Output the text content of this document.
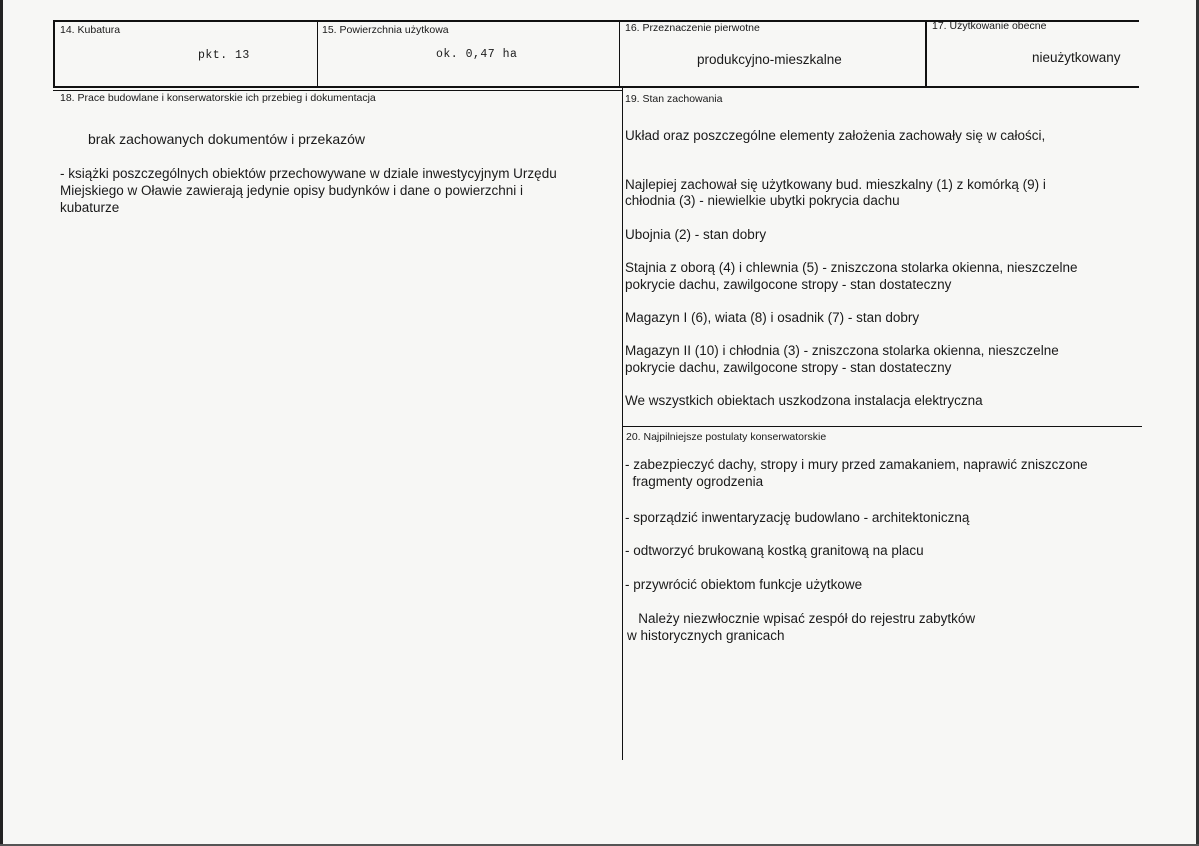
14. Kubatura
pkt. 13
15. Powierzchnia użytkowa
ok. 0,47 ha
16. Przeznaczenie pierwotne
produkcyjno-mieszkalne
17. Użytkowanie obecne
nieużytkowany
18. Prace budowlane i konserwatorskie ich przebieg i dokumentacja
brak zachowanych dokumentów i przekazów
- książki poszczególnych obiektów przechowywane w dziale inwestycyjnym Urzędu
Miejskiego w Oławie zawierają jedynie opisy budynków i dane o powierzchni i
kubaturze
19. Stan zachowania
Układ oraz poszczególne elementy założenia zachowały się w całości,
Najlepiej zachował się użytkowany bud. mieszkalny (1) z komórką (9) i
chłodnia (3) - niewielkie ubytki pokrycia dachu
Ubojnia (2) - stan dobry
Stajnia z oborą (4) i chlewnia (5) - zniszczona stolarka okienna, nieszczelne
pokrycie dachu, zawilgocone stropy - stan dostateczny
Magazyn I (6), wiata (8) i osadnik (7) - stan dobry
Magazyn II (10) i chłodnia (3) - zniszczona stolarka okienna, nieszczelne
pokrycie dachu, zawilgocone stropy - stan dostateczny
We wszystkich obiektach uszkodzona instalacja elektryczna
20. Najpilniejsze postulaty konserwatorskie
- zabezpieczyć dachy, stropy i mury przed zamakaniem, naprawić zniszczone
fragmenty ogrodzenia
- sporządzić inwentaryzację budowlano - architektoniczną
- odtworzyć brukowaną kostką granitową na placu
- przywrócić obiektom funkcje użytkowe
Należy niezwłocznie wpisać zespół do rejestru zabytków
w historycznych granicach
